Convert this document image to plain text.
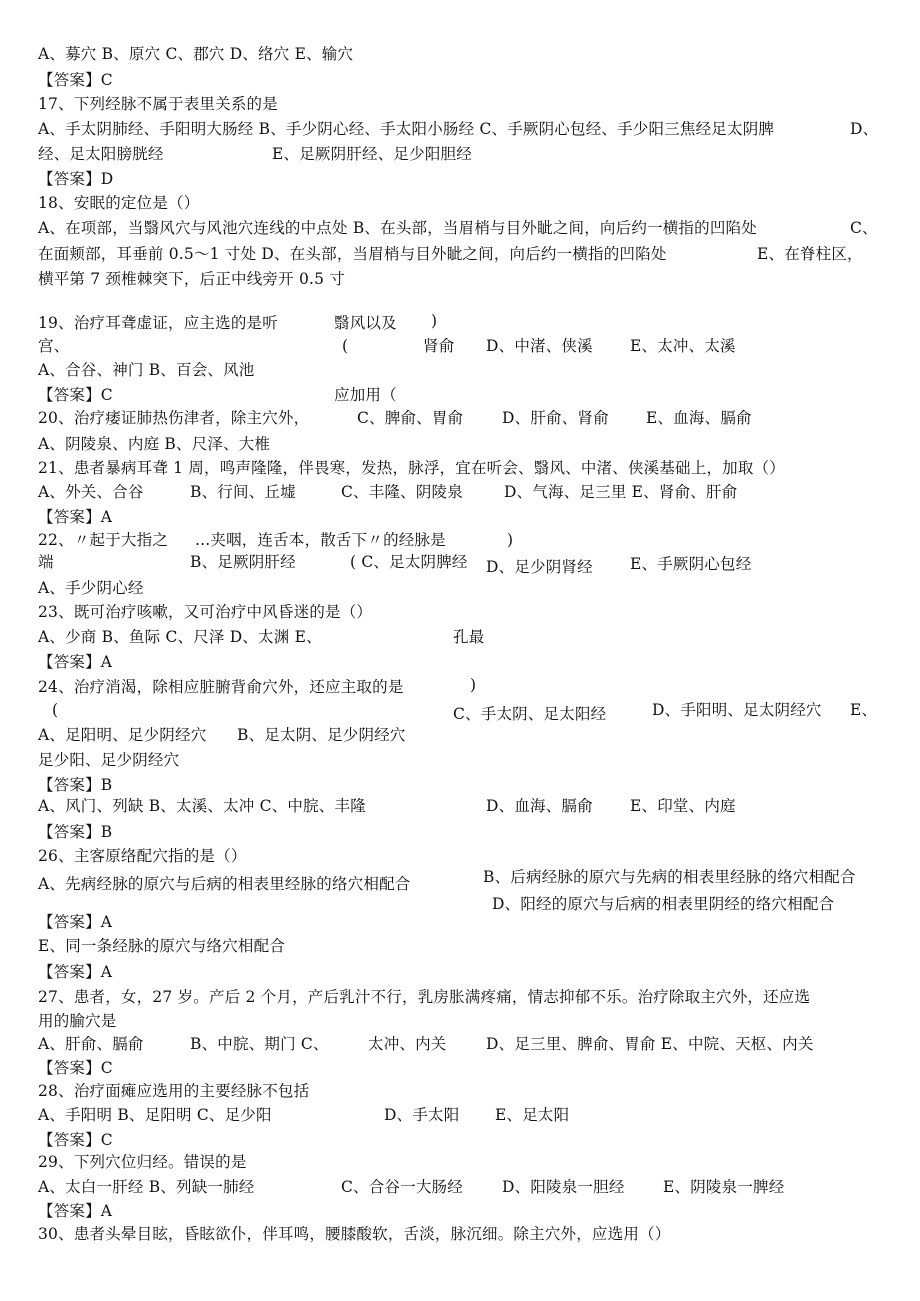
A、募穴 B、原穴 C、郡穴 D、络穴 E、输穴
【答案】C
17、下列经脉不属于表里关系的是
A、手太阴肺经、手阳明大肠经 B、手少阴心经、手太阳小肠经 C、手厥阴心包经、手少阳三焦经足太阴脾	D、
经、足太阳膀胱经	E、足厥阴肝经、足少阳胆经
【答案】D
18、安眠的定位是（）
A、在项部，当翳风穴与风池穴连线的中点处 B、在头部，当眉梢与目外眦之间，向后约一横指的凹陷处	C、
在面颊部，耳垂前 0.5～1 寸处 D、在头部，当眉梢与目外眦之间，向后约一横指的凹陷处	E、在脊柱区，
横平第 7 颈椎棘突下，后正中线旁开 0.5 寸
19、治疗耳聋虚证，应主选的是听	翳风以及 )
宫、	(	肾俞 D、中渚、侠溪 E、太冲、太溪
A、合谷、神门 B、百会、风池
【答案】C	应加用（
20、治疗痿证肺热伤津者，除主穴外，	C、脾俞、胃俞 D、肝俞、肾俞 E、血海、膈俞
A、阴陵泉、内庭 B、尺泽、大椎
21、患者暴病耳聋 1 周，鸣声隆隆，伴畏寒，发热，脉浮，宜在听会、翳风、中渚、侠溪基础上，加取（）
A、外关、合谷	B、行间、丘墟	C、丰隆、阴陵泉	D、气海、足三里 E、肾俞、肝俞
【答案】A
22、〃起于大指之 ...夹咽，连舌本，散舌下〃的经脉是	)
端	B、足厥阴肝经	( C、足太阴脾经 D、足少阴肾经 E、手厥阴心包经
A、手少阴心经
23、既可治疗咳嗽，又可治疗中风昏迷的是（）
A、少商 B、鱼际 C、尺泽 D、太渊 E、	孔最
【答案】A
24、治疗消渴，除相应脏腑背俞穴外，还应主取的是	)
(	C、手太阴、足太阳经	D、手阳明、足太阴经穴 E、
A、足阳明、足少阴经穴 B、足太阴、足少阴经穴
足少阳、足少阴经穴
【答案】B
A、风门、列缺 B、太溪、太冲 C、中脘、丰隆	D、血海、膈俞 E、印堂、内庭
【答案】B
26、主客原络配穴指的是（）
B、后病经脉的原穴与先病的相表里经脉的络穴相配合
A、先病经脉的原穴与后病的相表里经脉的络穴相配合
D、阳经的原穴与后病的相表里阴经的络穴相配合
【答案】A
E、同一条经脉的原穴与络穴相配合
【答案】A
27、患者，女，27 岁。产后 2 个月，产后乳汁不行，乳房胀满疼痛，情志抑郁不乐。治疗除取主穴外，还应选
用的腧穴是
A、肝俞、膈俞	B、中脘、期门 C、	太冲、内关	D、足三里、脾俞、胃俞 E、中院、天枢、内关
【答案】C
28、治疗面瘫应选用的主要经脉不包括
A、手阳明 B、足阳明 C、足少阳	D、手太阳 E、足太阳
【答案】C
29、下列穴位归经。错误的是
A、太白一肝经 B、列缺一肺经	C、合谷一大肠经	D、阳陵泉一胆经 E、阴陵泉一脾经
【答案】A
30、患者头晕目眩，昏眩欲仆，伴耳鸣，腰膝酸软，舌淡，脉沉细。除主穴外，应选用（）
